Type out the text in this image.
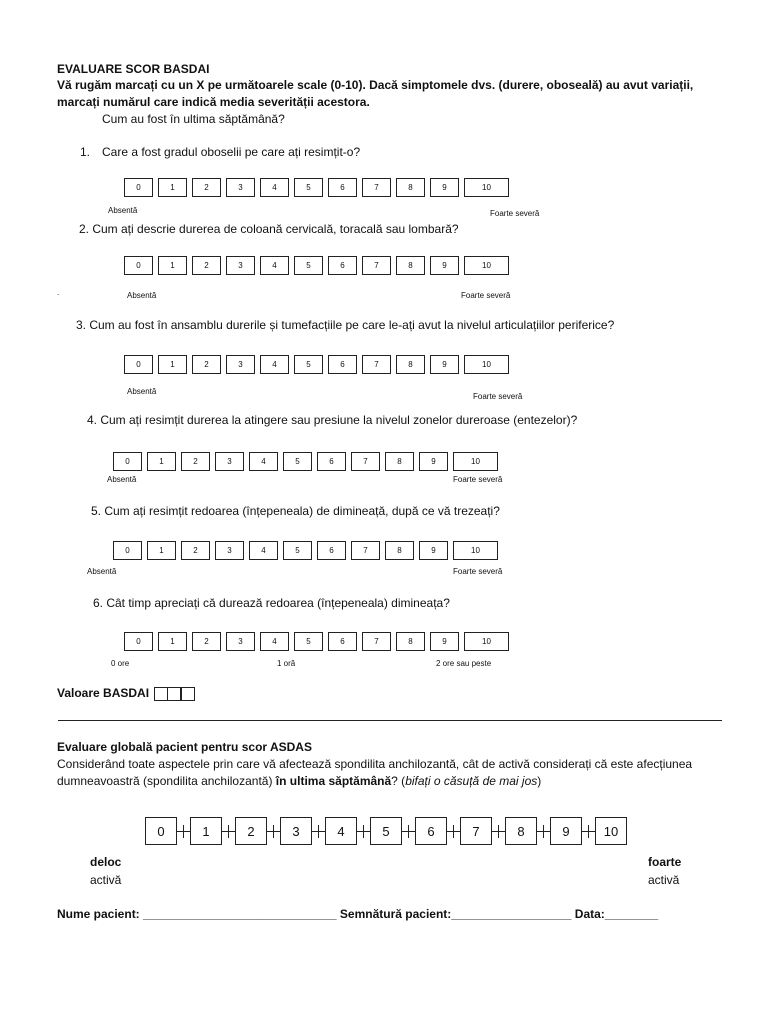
EVALUARE SCOR BASDAI
Vă rugăm marcați cu un X pe următoarele scale (0-10). Dacă simptomele dvs. (durere, oboseală) au avut variații,
marcați numărul care indică media severității acestora.
Cum au fost în ultima săptămână?
1. Care a fost gradul oboselii pe care ați resimțit-o?
0	1	2	3	4	5	6	7	8	9	10
Absentă	Foarte severă
2. Cum ați descrie durerea de coloană cervicală, toracală sau lombară?
0	1	2	3	4	5	6	7	8	9	10
.	Absentă	Foarte severă
3. Cum au fost în ansamblu durerile și tumefacțiile pe care le-ați avut la nivelul articulațiilor periferice?
0	1	2	3	4	5	6	7	8	9	10
Absentă
Foarte severă
4. Cum ați resimțit durerea la atingere sau presiune la nivelul zonelor dureroase (entezelor)?
0	1	2	3	4	5	6	7	8	9	10
Absentă	Foarte severă
5. Cum ați resimțit redoarea (înțepeneala) de dimineață, după ce vă trezeați?
0	1	2	3	4	5	6	7	8	9	10
Absentă	Foarte severă
6. Cât timp apreciați că durează redoarea (înțepeneala) dimineața?
0	1	2	3	4	5	6	7	8	9	10
0 ore	1 oră	2 ore sau peste
Valoare BASDAI
Evaluare globală pacient pentru scor ASDAS
Considerând toate aspectele prin care vă afectează spondilita anchilozantă, cât de activă considerați că este afecțiunea
dumneavoastră (spondilita anchilozantă) în ultima săptămână? (bifați o căsuță de mai jos)
0	1	2	3	4	5	6	7	8	9	10
deloc
activă
foarte
activă
Nume pacient: _____________________________ Semnătură pacient:__________________ Data:________
